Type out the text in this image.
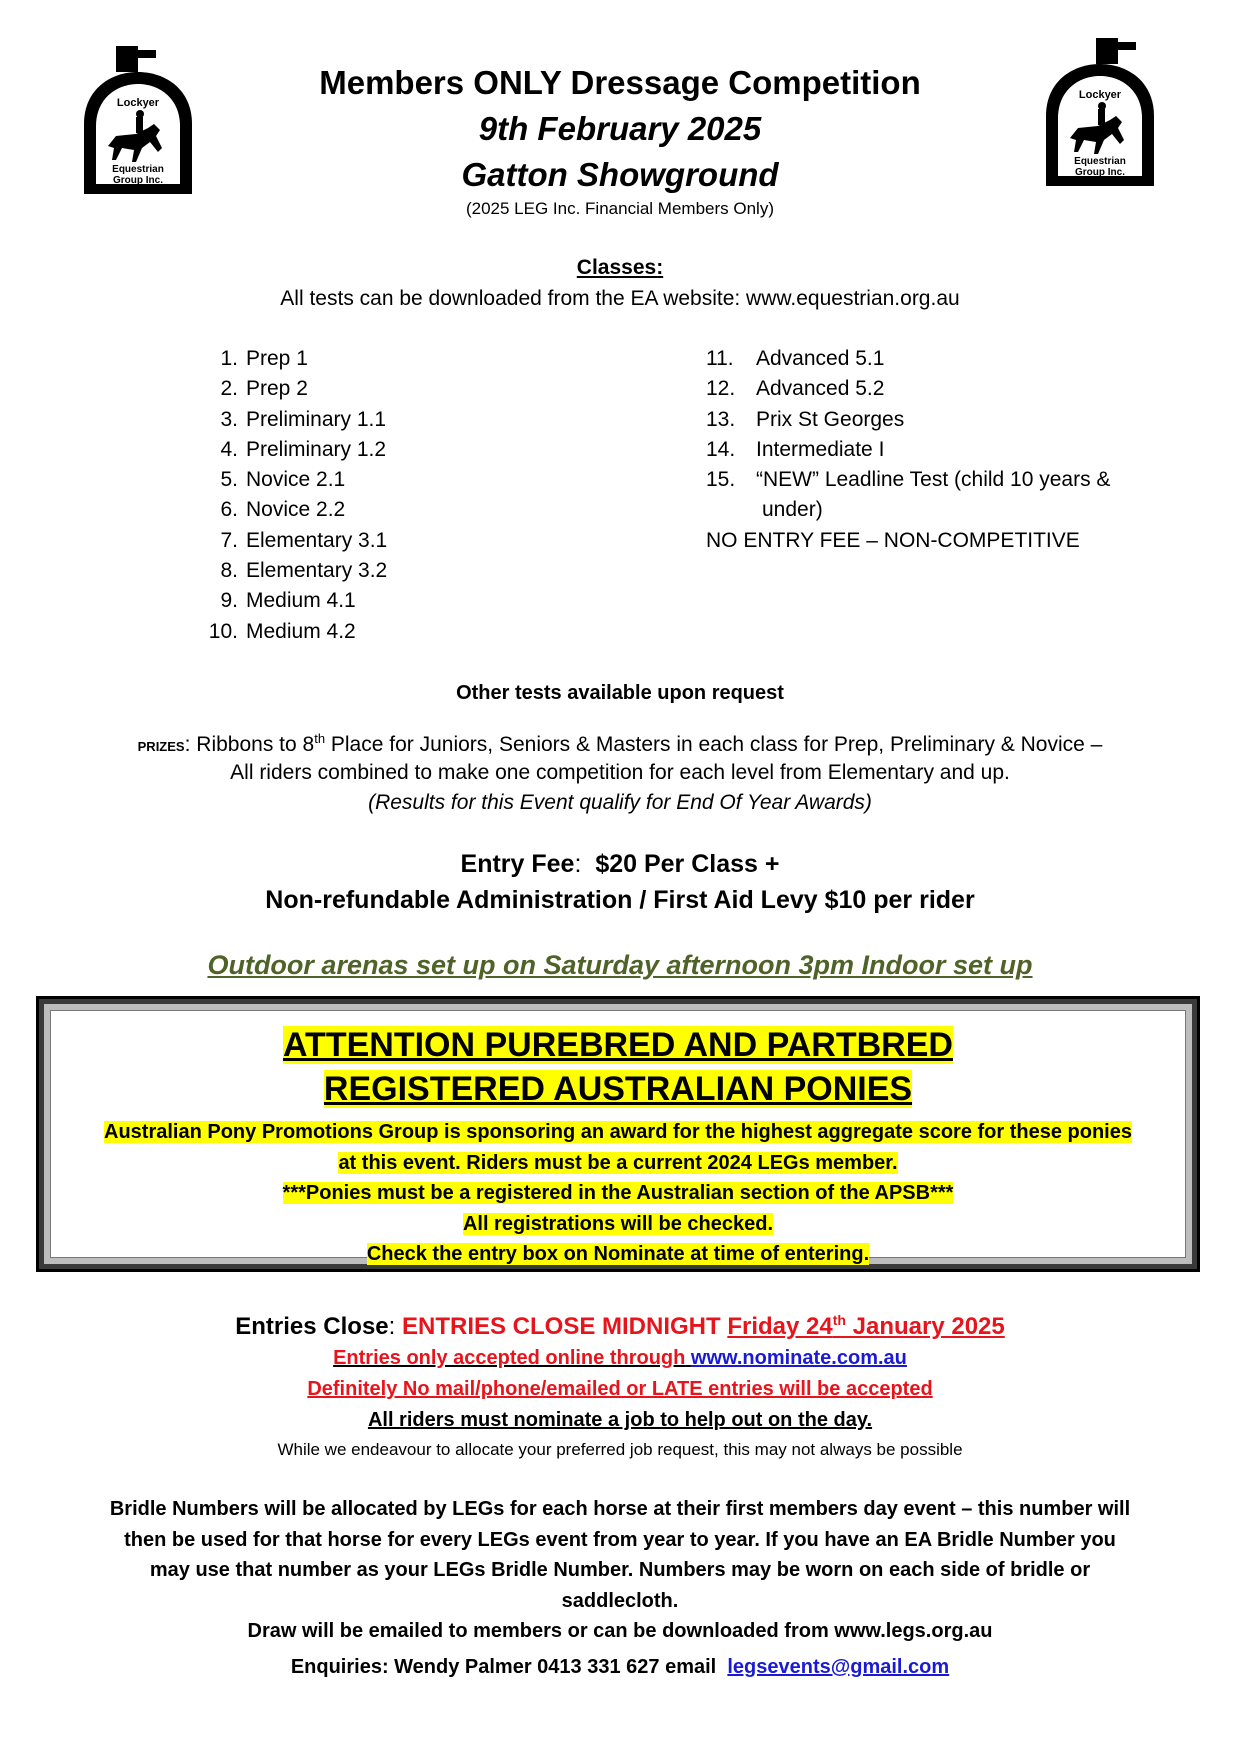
Lockyer
Equestrian
Group Inc.
Lockyer
Equestrian
Group Inc.
Members ONLY Dressage Competition
9th February 2025
Gatton Showground
(2025 LEG Inc. Financial Members Only)
Classes:
All tests can be downloaded from the EA website: www.equestrian.org.au
1. Prep 1
2. Prep 2
3. Preliminary 1.1
4. Preliminary 1.2
5. Novice 2.1
6. Novice 2.2
7. Elementary 3.1
8. Elementary 3.2
9. Medium 4.1
10. Medium 4.2
11.	Advanced 5.1
12. Advanced 5.2
13. Prix St Georges
14. Intermediate I
15. “NEW” Leadline Test (child 10 years &
under)
NO ENTRY FEE – NON-COMPETITIVE
Other tests available upon request
PRIZES: Ribbons to 8th Place for Juniors, Seniors & Masters in each class for Prep, Preliminary & Novice –
All riders combined to make one competition for each level from Elementary and up.
(Results for this Event qualify for End Of Year Awards)
Entry Fee: $20 Per Class +
Non-refundable Administration / First Aid Levy $10 per rider
Outdoor arenas set up on Saturday afternoon 3pm Indoor set up
ATTENTION PUREBRED AND PARTBRED
REGISTERED AUSTRALIAN PONIES
Australian Pony Promotions Group is sponsoring an award for the highest aggregate score for these ponies
at this event. Riders must be a current 2024 LEGs member.
***Ponies must be a registered in the Australian section of the APSB***
All registrations will be checked.
Check the entry box on Nominate at time of entering.
Entries Close: ENTRIES CLOSE MIDNIGHT Friday 24th January 2025
Entries only accepted online through www.nominate.com.au
Definitely No mail/phone/emailed or LATE entries will be accepted
All riders must nominate a job to help out on the day.
While we endeavour to allocate your preferred job request, this may not always be possible
Bridle Numbers will be allocated by LEGs for each horse at their first members day event – this number will
then be used for that horse for every LEGs event from year to year. If you have an EA Bridle Number you
may use that number as your LEGs Bridle Number. Numbers may be worn on each side of bridle or
saddlecloth.
Draw will be emailed to members or can be downloaded from www.legs.org.au
Enquiries: Wendy Palmer 0413 331 627 email legsevents@gmail.com
